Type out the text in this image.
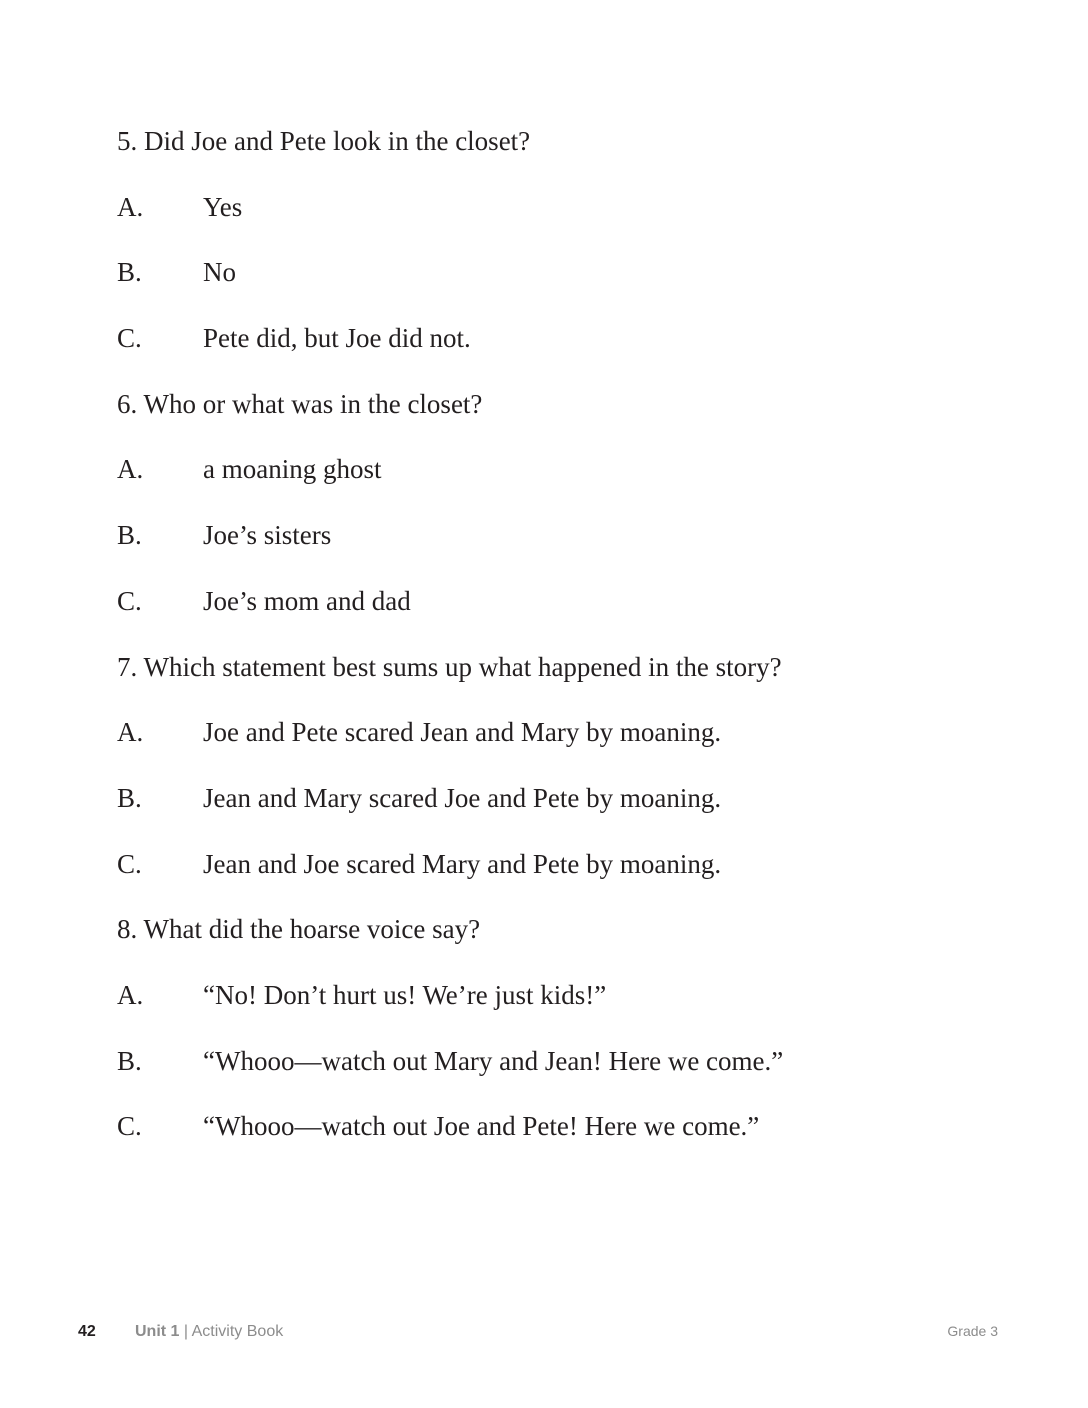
5. Did Joe and Pete look in the closet?
A. Yes
B. No
C. Pete did, but Joe did not.
6. Who or what was in the closet?
A. a moaning ghost
B. Joe’s sisters
C. Joe’s mom and dad
7. Which statement best sums up what happened in the story?
A. Joe and Pete scared Jean and Mary by moaning.
B. Jean and Mary scared Joe and Pete by moaning.
C. Jean and Joe scared Mary and Pete by moaning.
8. What did the hoarse voice say?
A. “No! Don’t hurt us! We’re just kids!”
B. “Whooo—watch out Mary and Jean! Here we come.”
C. “Whooo—watch out Joe and Pete! Here we come.”
42 Unit 1 | Activity Book	Grade 3
